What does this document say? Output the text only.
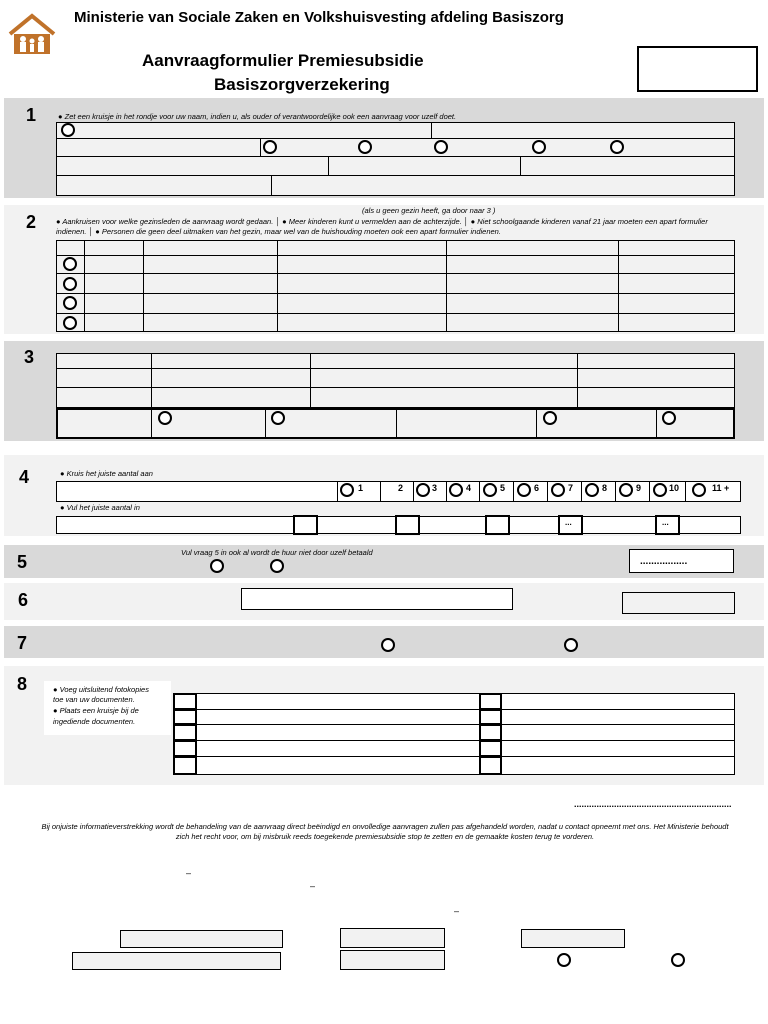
Ministerie van Sociale Zaken en Volkshuisvesting afdeling Basiszorg
Aanvraagformulier Premiesubsidie
Basiszorgverzekering
1	● Zet een kruisje in het rondje voor uw naam, indien u, als ouder of verantwoordelijke ook een aanvraag voor uzelf doet.
2
(als u geen gezin heeft, ga door naar 3 )
● Aankruisen voor welke gezinsleden de aanvraag wordt gedaan. │ ● Meer kinderen kunt u vermelden aan de achterzijde. │ ● Niet schoolgaande kinderen vanaf 21 jaar moeten een apart formulier indienen. │ ● Personen die geen deel uitmaken van het gezin, maar wel van de huishouding moeten ook een apart formulier indienen.
3
4	● Kruis het juiste aantal aan
1	2	3	4	5	6	7	8	9	10	11 +
● Vul het juiste aantal in
...	...
5	Vul vraag 5 in ook al wordt de huur niet door uzelf betaald
.................
6
7
8	● Voeg uitsluitend fotokopies
toe van uw documenten.
● Plaats een kruisje bij de
ingediende documenten.
...............................................................
Bij onjuiste informatieverstrekking wordt de behandeling van de aanvraag direct beëindigd en onvolledige aanvragen zullen pas afgehandeld worden, nadat u contact opneemt met ons. Het Ministerie behoudt zich het recht voor, om bij misbruik reeds toegekende premiesubsidie stop te zetten en de gemaakte kosten terug te vorderen.
–
–
–
